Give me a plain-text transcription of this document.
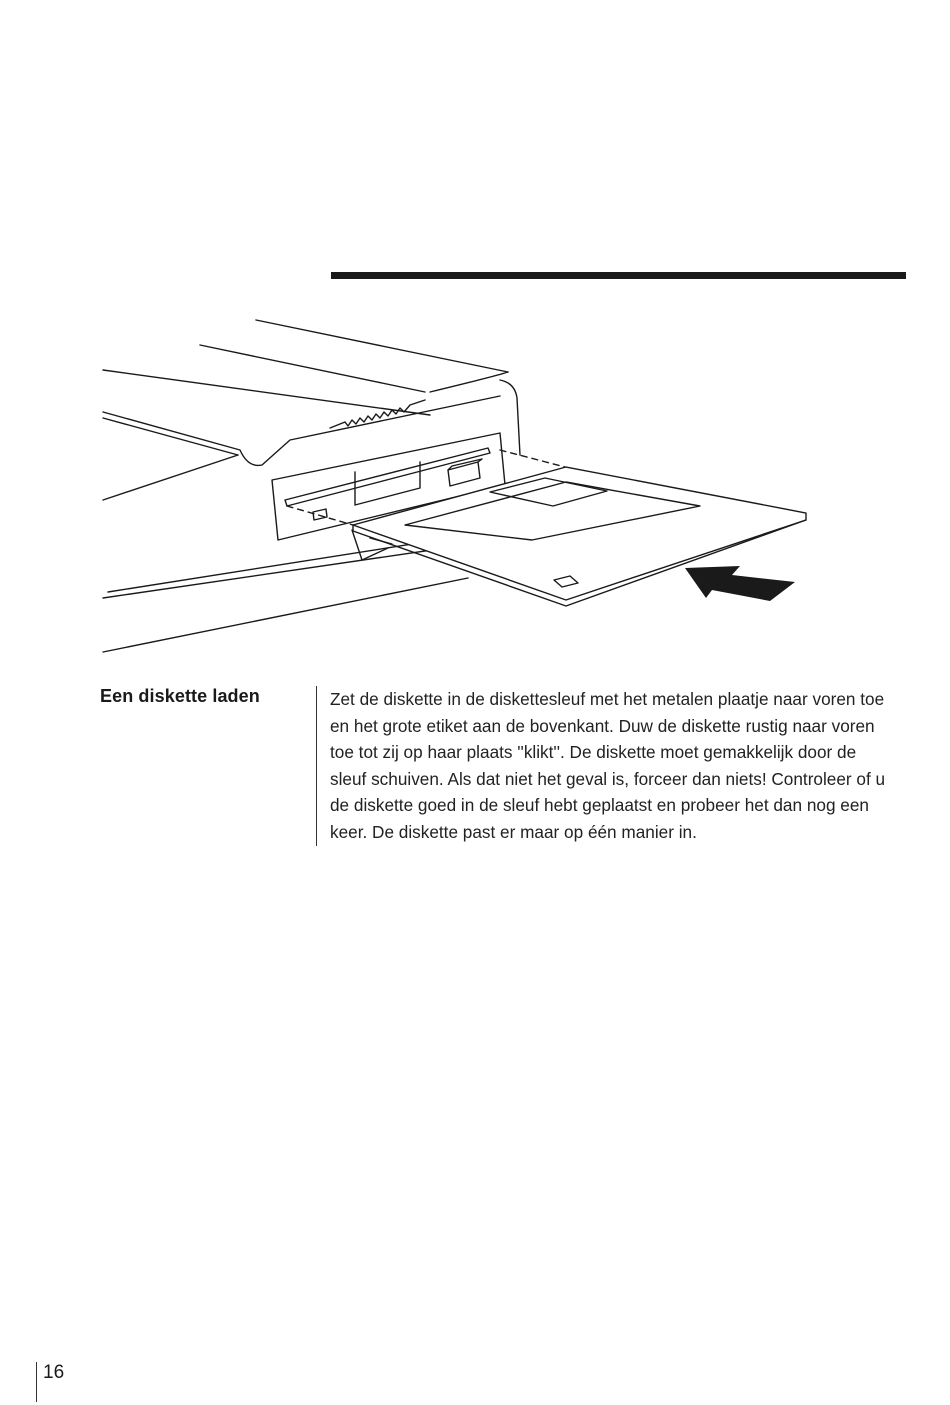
Een diskette laden	Zet de diskette in de diskettesleuf met het metalen plaatje naar voren toe en het grote etiket aan de bovenkant. Duw de diskette rustig naar voren toe tot zij op haar plaats ''klikt''. De diskette moet gemakkelijk door de sleuf schuiven. Als dat niet het geval is, forceer dan niets! Controleer of u de diskette goed in de sleuf hebt geplaatst en probeer het dan nog een keer. De diskette past er maar op één manier in.

16
